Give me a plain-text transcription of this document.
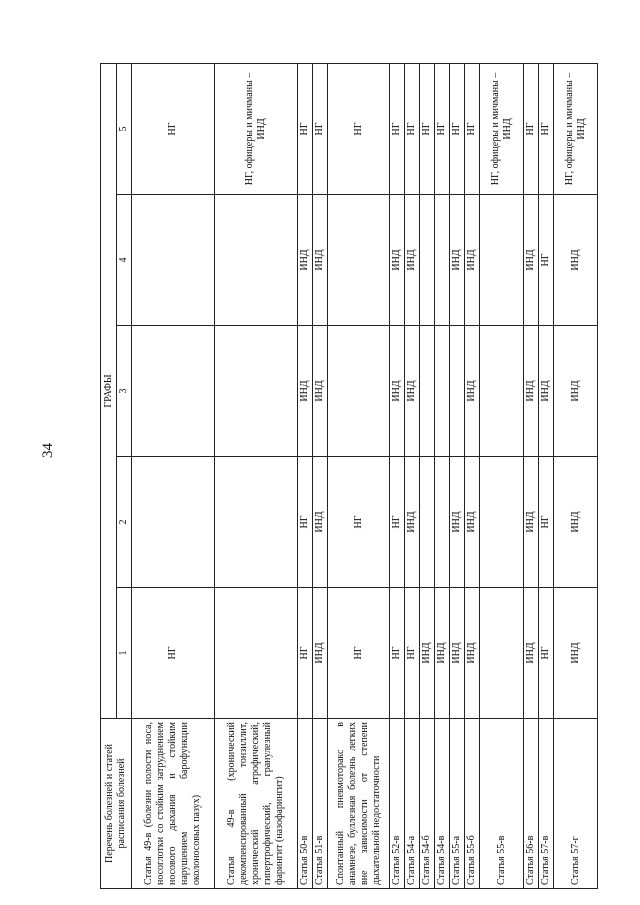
34
Перечень болезней и статей расписания болезней	ГРАФЫ				
	1	2	3	4	5
Статья 49-в (болезни полости носа, носоглотки со стойким затруднением носового дыхания и стойким нарушением барофункции околоносовых пазух)	НГ				НГ
Статья 49-в (хронический декомпенсированный тонзиллит, хронический атрофический, гипертрофический, гранулезный фарингит (назофарингит)					НГ, офицеры и мичманы – ИНД
Статья 50-в	НГ	НГ	ИНД	ИНД	НГ
Статья 51-в	ИНД	ИНД	ИНД	ИНД	НГ
Спонтанный пневмоторакс в анамнезе, буллезная болезнь легких вне зависимости от степени дыхательной недостаточности	НГ	НГ			НГ
Статья 52-в	НГ	НГ	ИНД	ИНД	НГ
Статья 54-а	НГ	ИНД	ИНД	ИНД	НГ
Статья 54-б	ИНД				НГ
Статья 54-в	ИНД				НГ
Статья 55-а	ИНД	ИНД		ИНД	НГ
Статья 55-б	ИНД	ИНД	ИНД	ИНД	НГ
Статья 55-в					НГ, офицеры и мичманы – ИНД
Статья 56-в	ИНД	ИНД	ИНД	ИНД	НГ
Статья 57-в	НГ	НГ	ИНД	НГ	НГ
Статья 57-г	ИНД	ИНД	ИНД	ИНД	НГ, офицеры и мичманы – ИНД
